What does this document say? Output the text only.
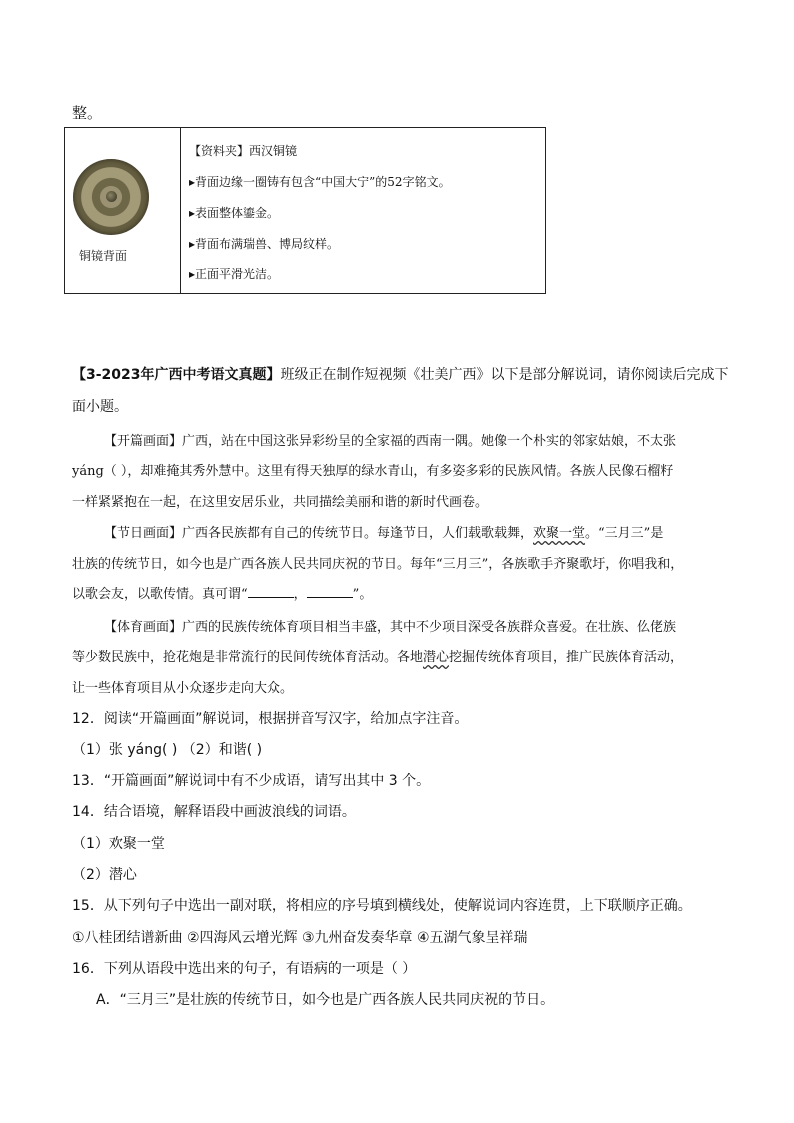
整。
铜镜背面
【资料夹】西汉铜镜
▸背面边缘一圈铸有包含“中国大宁”的52字铭文。
▸表面整体鎏金。
▸背面布满瑞兽、博局纹样。
▸正面平滑光洁。
【3-2023年广西中考语文真题】班级正在制作短视频《壮美广西》以下是部分解说词，请你阅读后完成下
面小题。
【开篇画面】广西，站在中国这张异彩纷呈的全家福的西南一隅。她像一个朴实的邻家姑娘，不太张
yáng（ ），却难掩其秀外慧中。这里有得天独厚的绿水青山，有多姿多彩的民族风情。各族人民像石榴籽
一样紧紧抱在一起，在这里安居乐业，共同描绘美丽和谐的新时代画卷。
【节日画面】广西各民族都有自己的传统节日。每逢节日，人们载歌载舞，欢聚一堂。“三月三”是
壮族的传统节日，如今也是广西各族人民共同庆祝的节日。每年“三月三”，各族歌手齐聚歌圩，你唱我和，
以歌会友，以歌传情。真可谓“	，	”。
【体育画面】广西的民族传统体育项目相当丰盛，其中不少项目深受各族群众喜爱。在壮族、仫佬族
等少数民族中，抢花炮是非常流行的民间传统体育活动。各地潜心挖掘传统体育项目，推广民族体育活动，
让一些体育项目从小众逐步走向大众。
12．阅读“开篇画面”解说词，根据拼音写汉字，给加点字注音。
（1）张 yáng( ) （2）和谐( )
13．“开篇画面”解说词中有不少成语，请写出其中 3 个。
14．结合语境，解释语段中画波浪线的词语。
（1）欢聚一堂
（2）潜心
15．从下列句子中选出一副对联，将相应的序号填到横线处，使解说词内容连贯，上下联顺序正确。
①八桂团结谱新曲 ②四海风云增光辉 ③九州奋发奏华章 ④五湖气象呈祥瑞
16．下列从语段中选出来的句子，有语病的一项是（ ）
A．“三月三”是壮族的传统节日，如今也是广西各族人民共同庆祝的节日。
